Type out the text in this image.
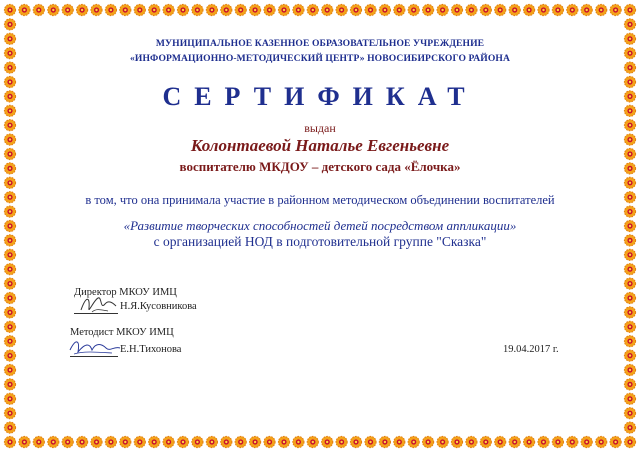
МУНИЦИПАЛЬНОЕ КАЗЕННОЕ ОБРАЗОВАТЕЛЬНОЕ УЧРЕЖДЕНИЕ
«ИНФОРМАЦИОННО-МЕТОДИЧЕСКИЙ ЦЕНТР» НОВОСИБИРСКОГО РАЙОНА
СЕРТИФИКАТ
выдан
Колонтаевой Наталье Евгеньевне
воспитателю МКДОУ – детского сада «Ёлочка»
в том, что она принимала участие в районном методическом объединении воспитателей
«Развитие творческих способностей детей посредством аппликации»
с организацией НОД в подготовительной группе "Сказка"
Директор МКОУ ИМЦ
Н.Я.Кусовникова
Методист МКОУ ИМЦ
Е.Н.Тихонова	19.04.2017 г.
